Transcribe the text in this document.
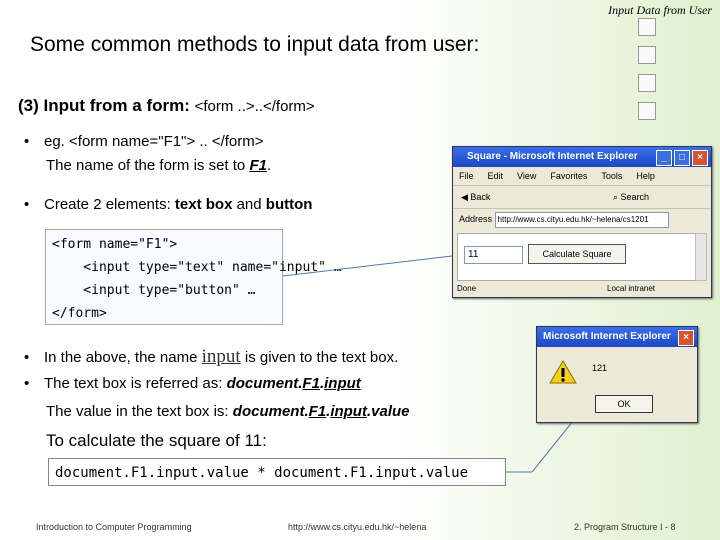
Input Data from User
Some common methods to input data from user:
(3) Input from a form: <form ..>..</form>
• eg. <form name="F1"> .. </form>
The name of the form is set to F1.
• Create 2 elements: text box and button
<form name="F1">
<input type="text" name="input" …
<input type="button" …
</form>
• In the above, the name input is given to the text box.
• The text box is referred as: document.F1.input
The value in the text box is: document.F1.input.value
To calculate the square of 11:
document.F1.input.value * document.F1.input.value
Square - Microsoft Internet Explorer	_	□	×
File Edit View Favorites Tools Help
◀ Back	⌕ Search
Address http://www.cs.cityu.edu.hk/~helena/cs1201
11	Calculate Square
Done	Local intranet
Microsoft Internet Explorer	×
121
OK
Introduction to Computer Programming	http://www.cs.cityu.edu.hk/~helena	2. Program Structure I - 8
